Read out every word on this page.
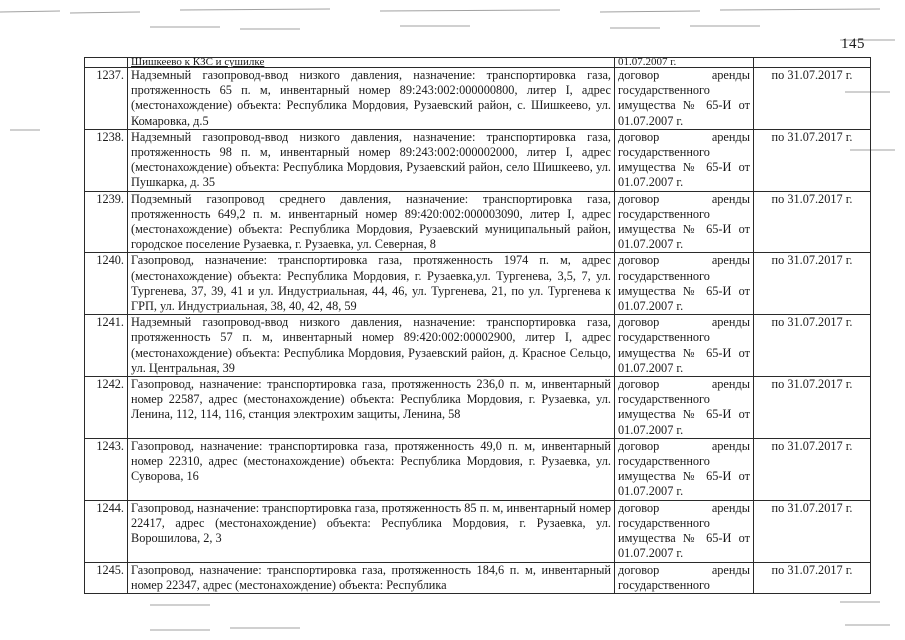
145
	Шишкеево к КЗС и сушилке	01.07.2007 г.	
1237.	Надземный газопровод-ввод низкого давления, назначение: транспортировка газа, протяженность 65 п. м, инвентарный номер 89:243:002:000000800, литер I, адрес (местонахождение) объекта: Республика Мордовия, Рузаевский район, с. Шишкеево, ул. Комаровка, д.5	договор аренды государственного имущества № 65-И от 01.07.2007 г.	по 31.07.2017 г.
1238.	Надземный газопровод-ввод низкого давления, назначение: транспортировка газа, протяженность 98 п. м, инвентарный номер 89:243:002:000002000, литер I, адрес (местонахождение) объекта: Республика Мордовия, Рузаевский район, село Шишкеево, ул. Пушкарка, д. 35	договор аренды государственного имущества № 65-И от 01.07.2007 г.	по 31.07.2017 г.
1239.	Подземный газопровод среднего давления, назначение: транспортировка газа, протяженность 649,2 п. м. инвентарный номер 89:420:002:000003090, литер I, адрес (местонахождение) объекта: Республика Мордовия, Рузаевский муниципальный район, городское поселение Рузаевка, г. Рузаевка, ул. Северная, 8	договор аренды государственного имущества № 65-И от 01.07.2007 г.	по 31.07.2017 г.
1240.	Газопровод, назначение: транспортировка газа, протяженность 1974 п. м, адрес (местонахождение) объекта: Республика Мордовия, г. Рузаевка,ул. Тургенева, 3,5, 7, ул. Тургенева, 37, 39, 41 и ул. Индустриальная, 44, 46, ул. Тургенева, 21, по ул. Тургенева к ГРП, ул. Индустриальная, 38, 40, 42, 48, 59	договор аренды государственного имущества № 65-И от 01.07.2007 г.	по 31.07.2017 г.
1241.	Надземный газопровод-ввод низкого давления, назначение: транспортировка газа, протяженность 57 п. м, инвентарный номер 89:420:002:00002900, литер I, адрес (местонахождение) объекта: Республика Мордовия, Рузаевский район, д. Красное Сельцо, ул. Центральная, 39	договор аренды государственного имущества № 65-И от 01.07.2007 г.	по 31.07.2017 г.
1242.	Газопровод, назначение: транспортировка газа, протяженность 236,0 п. м, инвентарный номер 22587, адрес (местонахождение) объекта: Республика Мордовия, г. Рузаевка, ул. Ленина, 112, 114, 116, станция электрохим защиты, Ленина, 58	договор аренды государственного имущества № 65-И от 01.07.2007 г.	по 31.07.2017 г.
1243.	Газопровод, назначение: транспортировка газа, протяженность 49,0 п. м, инвентарный номер 22310, адрес (местонахождение) объекта: Республика Мордовия, г. Рузаевка, ул. Суворова, 16	договор аренды государственного имущества № 65-И от 01.07.2007 г.	по 31.07.2017 г.
1244.	Газопровод, назначение: транспортировка газа, протяженность 85 п. м, инвентарный номер 22417, адрес (местонахождение) объекта: Республика Мордовия, г. Рузаевка, ул. Ворошилова, 2, 3	договор аренды государственного имущества № 65-И от 01.07.2007 г.	по 31.07.2017 г.
1245.	Газопровод, назначение: транспортировка газа, протяженность 184,6 п. м, инвентарный номер 22347, адрес (местонахождение) объекта: Республика	договор аренды государственного	по 31.07.2017 г.
